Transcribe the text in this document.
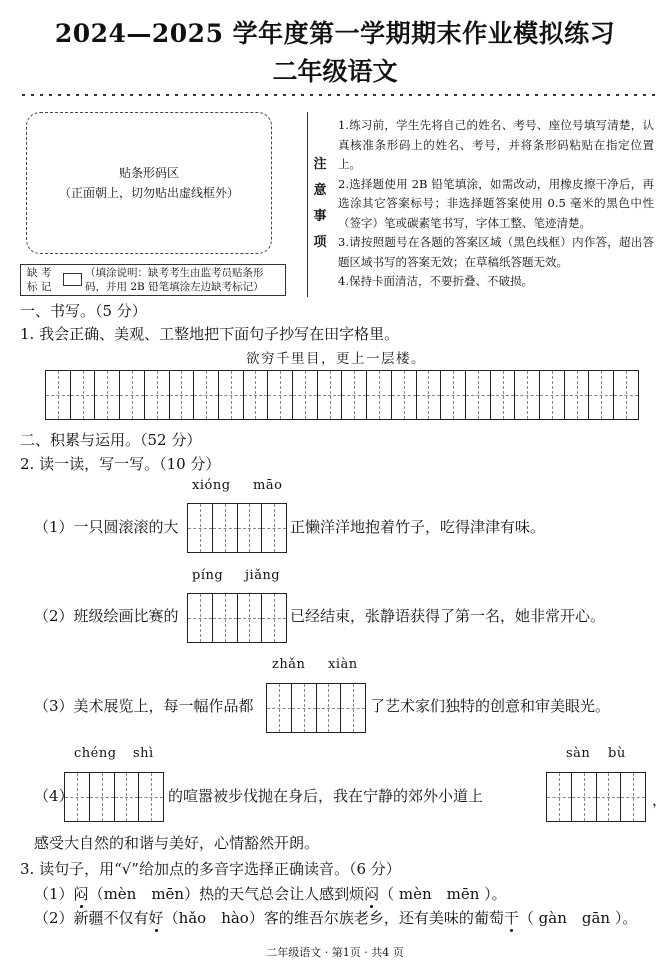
2024—2025 学年度第一学期期末作业模拟练习
二年级语文
贴条形码区
（正面朝上，切勿贴出虚线框外）
缺 考
标 记
（填涂说明：缺考考生由监考员贴条形
码，并用 2B 铅笔填涂左边缺考标记）
注
意
事
项

1.练习前，学生先将自己的姓名、考号、座位号填写清楚，认真核准条形码上的姓名、考号，并将条形码粘贴在指定位置上。

2.选择题使用 2B 铅笔填涂，如需改动，用橡皮擦干净后，再选涂其它答案标号；非选择题答案使用 0.5 毫米的黑色中性（签字）笔或碳素笔书写，字体工整、笔迹清楚。

3.请按照题号在各题的答案区域（黑色线框）内作答，超出答题区域书写的答案无效；在草稿纸答题无效。

4.保持卡面清洁，不要折叠、不破损。

一、书写。（5 分）
1. 我会正确、美观、工整地把下面句子抄写在田字格里。
欲穷千里目，更上一层楼。
二、积累与运用。（52 分）
2. 读一读，写一写。（10 分）
xióng māo
（1）一只圆滚滚的大	正懒洋洋地抱着竹子，吃得津津有味。
píng jiǎng
（2）班级绘画比赛的	已经结束，张静语获得了第一名，她非常开心。
zhǎn xiàn
（3）美术展览上，每一幅作品都	了艺术家们独特的创意和审美眼光。
chéng shì	sàn bù
（4）	的喧嚣被步伐抛在身后，我在宁静的郊外小道上	，
感受大自然的和谐与美好，心情豁然开朗。
3. 读句子，用“√”给加点的多音字选择正确读音。（6 分）
（1）闷（mèn　mēn）热的天气总会让人感到烦闷（ mèn　mēn ）。
（2）新疆不仅有好（hǎo　hào）客的维吾尔族老乡，还有美味的葡萄干（ gàn　gān ）。
二年级语文 · 第1页 · 共4 页
